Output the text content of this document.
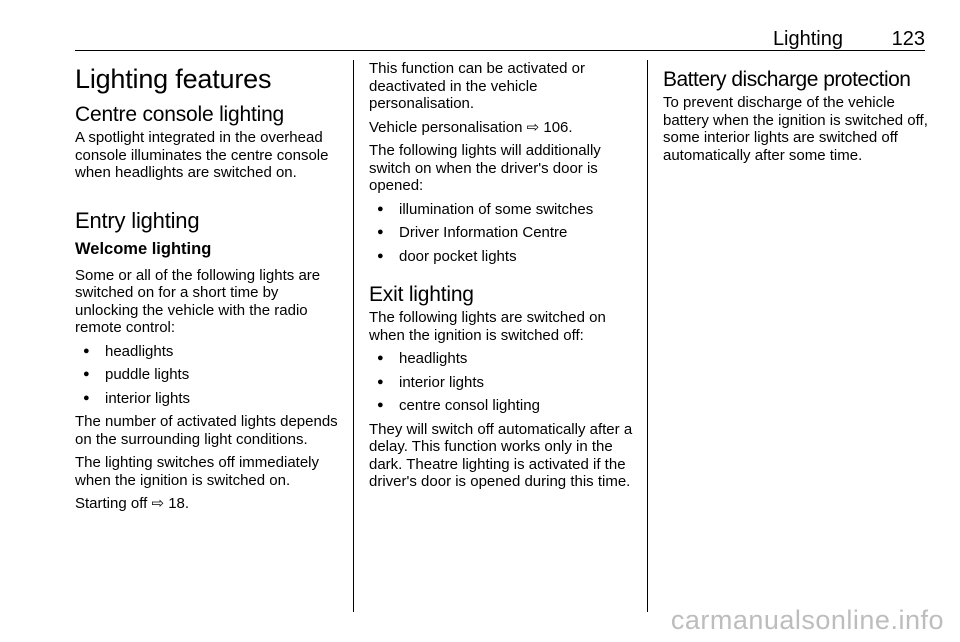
Lighting 123
Lighting features
Centre console lighting

A spotlight integrated in the overhead console illuminates the centre console when headlights are switched on.

Entry lighting
Welcome lighting

Some or all of the following lights are switched on for a short time by unlocking the vehicle with the radio remote control:

● headlights
● puddle lights
● interior lights

The number of activated lights depends on the surrounding light conditions.

The lighting switches off immediately when the ignition is switched on.

Starting off ⇨ 18.

This function can be activated or deactivated in the vehicle personalisation.

Vehicle personalisation ⇨ 106.

The following lights will additionally switch on when the driver's door is opened:

● illumination of some switches
● Driver Information Centre
● door pocket lights
Exit lighting

The following lights are switched on when the ignition is switched off:

● headlights
● interior lights
● centre consol lighting

They will switch off automatically after a delay. This function works only in the dark. Theatre lighting is activated if the driver's door is opened during this time.

Battery discharge protection

To prevent discharge of the vehicle battery when the ignition is switched off, some interior lights are switched off automatically after some time.

carmanualsonline.info
